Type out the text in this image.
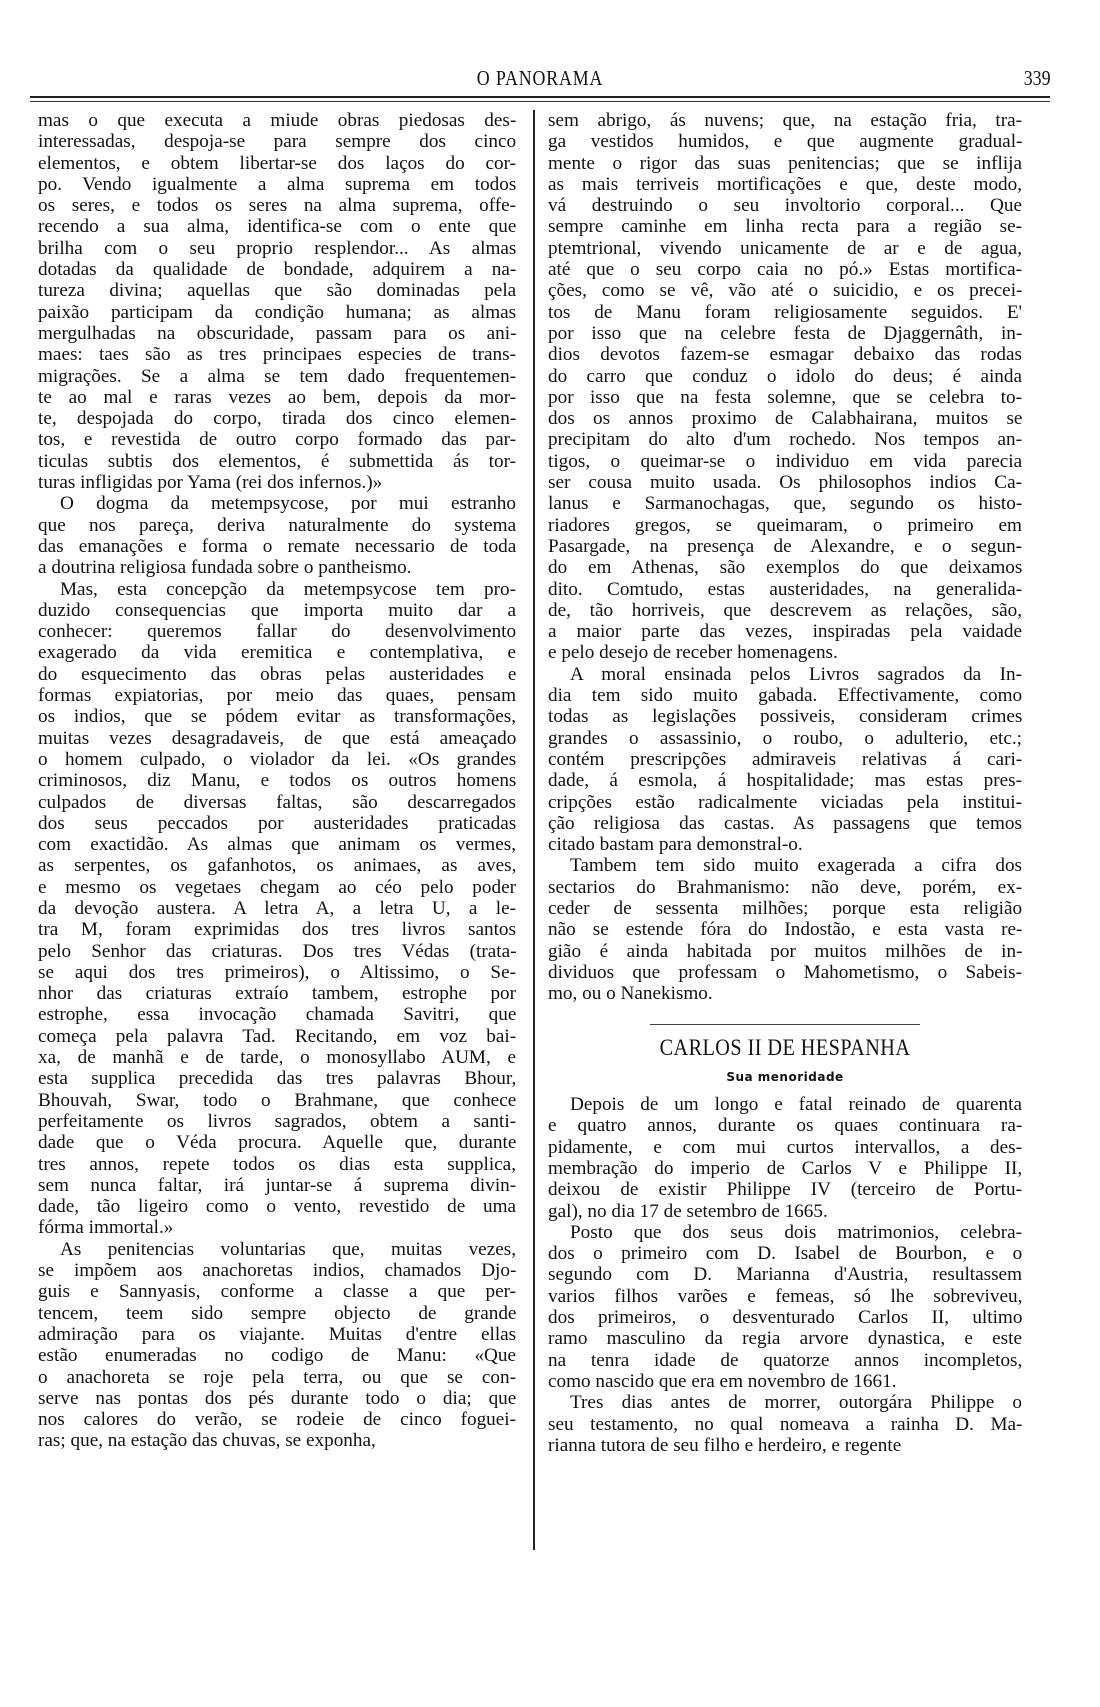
O PANORAMA	339
mas o que executa a miude obras piedosas des-
interessadas, despoja-se para sempre dos cinco
elementos, e obtem libertar-se dos laços do cor-
po. Vendo igualmente a alma suprema em todos
os seres, e todos os seres na alma suprema, offe-
recendo a sua alma, identifica-se com o ente que
brilha com o seu proprio resplendor... As almas
dotadas da qualidade de bondade, adquirem a na-
tureza divina; aquellas que são dominadas pela
paixão participam da condição humana; as almas
mergulhadas na obscuridade, passam para os ani-
maes: taes são as tres principaes especies de trans-
migrações. Se a alma se tem dado frequentemen-
te ao mal e raras vezes ao bem, depois da mor-
te, despojada do corpo, tirada dos cinco elemen-
tos, e revestida de outro corpo formado das par-
ticulas subtis dos elementos, é submettida ás tor-
turas infligidas por Yama (rei dos infernos.)»
O dogma da metempsycose, por mui estranho
que nos pareça, deriva naturalmente do systema
das emanações e forma o remate necessario de toda
a doutrina religiosa fundada sobre o pantheismo.
Mas, esta concepção da metempsycose tem pro-
duzido consequencias que importa muito dar a
conhecer: queremos fallar do desenvolvimento
exagerado da vida eremitica e contemplativa, e
do esquecimento das obras pelas austeridades e
formas expiatorias, por meio das quaes, pensam
os indios, que se pódem evitar as transformações,
muitas vezes desagradaveis, de que está ameaçado
o homem culpado, o violador da lei. «Os grandes
criminosos, diz Manu, e todos os outros homens
culpados de diversas faltas, são descarregados
dos seus peccados por austeridades praticadas
com exactidão. As almas que animam os vermes,
as serpentes, os gafanhotos, os animaes, as aves,
e mesmo os vegetaes chegam ao céo pelo poder
da devoção austera. A letra A, a letra U, a le-
tra M, foram exprimidas dos tres livros santos
pelo Senhor das criaturas. Dos tres Védas (trata-
se aqui dos tres primeiros), o Altissimo, o Se-
nhor das criaturas extraío tambem, estrophe por
estrophe, essa invocação chamada Savitri, que
começa pela palavra Tad. Recitando, em voz bai-
xa, de manhã e de tarde, o monosyllabo AUM, e
esta supplica precedida das tres palavras Bhour,
Bhouvah, Swar, todo o Brahmane, que conhece
perfeitamente os livros sagrados, obtem a santi-
dade que o Véda procura. Aquelle que, durante
tres annos, repete todos os dias esta supplica,
sem nunca faltar, irá juntar-se á suprema divin-
dade, tão ligeiro como o vento, revestido de uma
fórma immortal.»
As penitencias voluntarias que, muitas vezes,
se impõem aos anachoretas indios, chamados Djo-
guis e Sannyasis, conforme a classe a que per-
tencem, teem sido sempre objecto de grande
admiração para os viajante. Muitas d'entre ellas
estão enumeradas no codigo de Manu: «Que
o anachoreta se roje pela terra, ou que se con-
serve nas pontas dos pés durante todo o dia; que
nos calores do verão, se rodeie de cinco foguei-
ras; que, na estação das chuvas, se exponha,
sem abrigo, ás nuvens; que, na estação fria, tra-
ga vestidos humidos, e que augmente gradual-
mente o rigor das suas penitencias; que se inflija
as mais terriveis mortificações e que, deste modo,
vá destruindo o seu involtorio corporal... Que
sempre caminhe em linha recta para a região se-
ptemtrional, vivendo unicamente de ar e de agua,
até que o seu corpo caia no pó.» Estas mortifica-
ções, como se vê, vão até o suicidio, e os precei-
tos de Manu foram religiosamente seguidos. E'
por isso que na celebre festa de Djaggernâth, in-
dios devotos fazem-se esmagar debaixo das rodas
do carro que conduz o idolo do deus; é ainda
por isso que na festa solemne, que se celebra to-
dos os annos proximo de Calabhairana, muitos se
precipitam do alto d'um rochedo. Nos tempos an-
tigos, o queimar-se o individuo em vida parecia
ser cousa muito usada. Os philosophos indios Ca-
lanus e Sarmanochagas, que, segundo os histo-
riadores gregos, se queimaram, o primeiro em
Pasargade, na presença de Alexandre, e o segun-
do em Athenas, são exemplos do que deixamos
dito. Comtudo, estas austeridades, na generalida-
de, tão horriveis, que descrevem as relações, são,
a maior parte das vezes, inspiradas pela vaidade
e pelo desejo de receber homenagens.
A moral ensinada pelos Livros sagrados da In-
dia tem sido muito gabada. Effectivamente, como
todas as legislações possiveis, consideram crimes
grandes o assassinio, o roubo, o adulterio, etc.;
contém prescripções admiraveis relativas á cari-
dade, á esmola, á hospitalidade; mas estas pres-
cripções estão radicalmente viciadas pela institui-
ção religiosa das castas. As passagens que temos
citado bastam para demonstral-o.
Tambem tem sido muito exagerada a cifra dos
sectarios do Brahmanismo: não deve, porém, ex-
ceder de sessenta milhões; porque esta religião
não se estende fóra do Indostão, e esta vasta re-
gião é ainda habitada por muitos milhões de in-
dividuos que professam o Mahometismo, o Sabeis-
mo, ou o Nanekismo.
CARLOS II DE HESPANHA
Sua menoridade
Depois de um longo e fatal reinado de quarenta
e quatro annos, durante os quaes continuara ra-
pidamente, e com mui curtos intervallos, a des-
membração do imperio de Carlos V e Philippe II,
deixou de existir Philippe IV (terceiro de Portu-
gal), no dia 17 de setembro de 1665.
Posto que dos seus dois matrimonios, celebra-
dos o primeiro com D. Isabel de Bourbon, e o
segundo com D. Marianna d'Austria, resultassem
varios filhos varões e femeas, só lhe sobreviveu,
dos primeiros, o desventurado Carlos II, ultimo
ramo masculino da regia arvore dynastica, e este
na tenra idade de quatorze annos incompletos,
como nascido que era em novembro de 1661.
Tres dias antes de morrer, outorgára Philippe o
seu testamento, no qual nomeava a rainha D. Ma-
rianna tutora de seu filho e herdeiro, e regente
